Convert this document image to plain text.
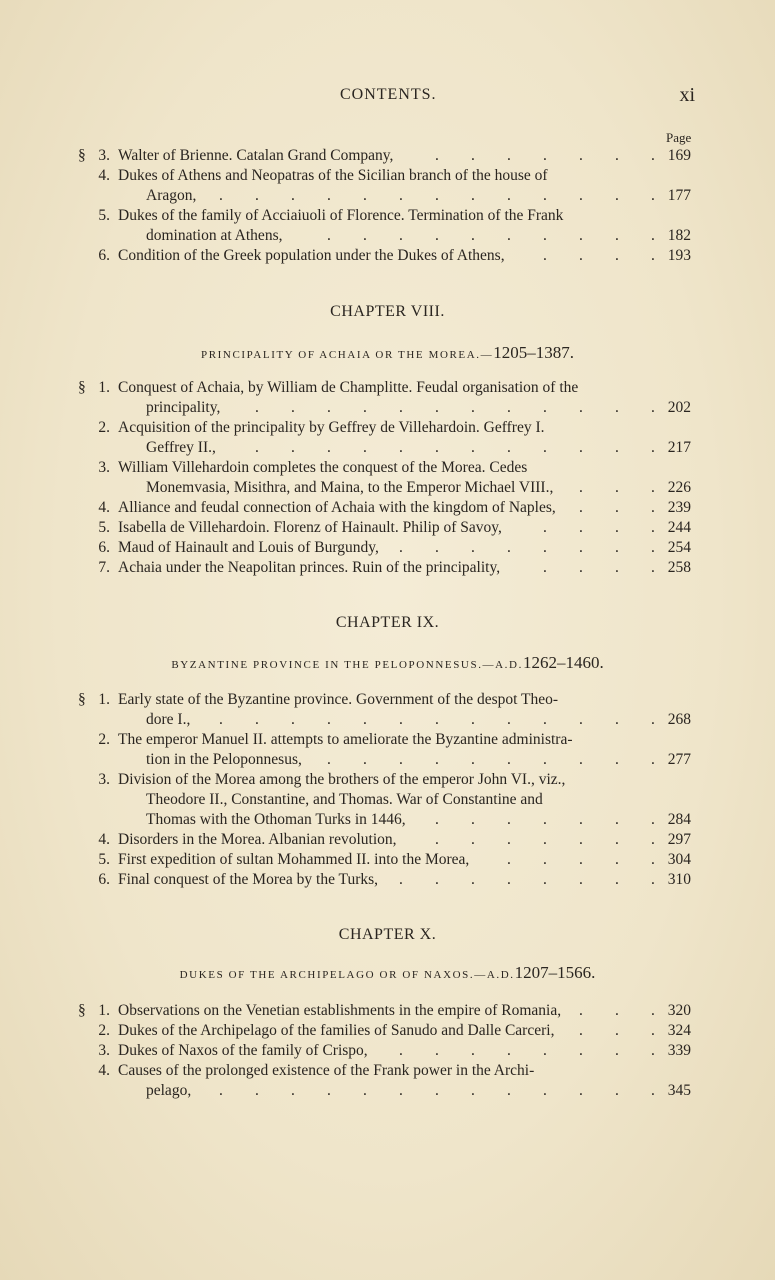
CONTENTS.	xi
Page
§ 3. Walter of Brienne. Catalan Grand Company,	169
. . . . . . .
4. Dukes of Athens and Neopatras of the Sicilian branch of the house of
Aragon,	177
. . . . . . . . . . . . .
5. Dukes of the family of Acciaiuoli of Florence. Termination of the Frank
domination at Athens,	182
. . . . . . . . . .
6. Condition of the Greek population under the Dukes of Athens,	193
. . . .
CHAPTER VIII.
PRINCIPALITY OF ACHAIA OR THE MOREA.—1205–1387.
§ 1. Conquest of Achaia, by William de Champlitte. Feudal organisation of the
principality,	202
. . . . . . . . . . . .
2. Acquisition of the principality by Geffrey de Villehardoin. Geffrey I.
Geffrey II.,	217
. . . . . . . . . . . .
3. William Villehardoin completes the conquest of the Morea. Cedes
Monemvasia, Misithra, and Maina, to the Emperor Michael VIII.,	226
. . .
4. Alliance and feudal connection of Achaia with the kingdom of Naples,	239
. . .
5. Isabella de Villehardoin. Florenz of Hainault. Philip of Savoy,	244
. . . .
6. Maud of Hainault and Louis of Burgundy,	254
. . . . . . . .
7. Achaia under the Neapolitan princes. Ruin of the principality,	258
. . . .
CHAPTER IX.
BYZANTINE PROVINCE IN THE PELOPONNESUS.—A.D.1262–1460.
§ 1. Early state of the Byzantine province. Government of the despot Theo-
dore I.,	268
. . . . . . . . . . . . .
2. The emperor Manuel II. attempts to ameliorate the Byzantine administra-
tion in the Peloponnesus,	277
. . . . . . . . . .
3. Division of the Morea among the brothers of the emperor John VI., viz.,
Theodore II., Constantine, and Thomas. War of Constantine and
Thomas with the Othoman Turks in 1446,	284
. . . . . . .
4. Disorders in the Morea. Albanian revolution,	297
. . . . . . .
5. First expedition of sultan Mohammed II. into the Morea,	304
. . . . .
6. Final conquest of the Morea by the Turks,	310
. . . . . . . .
CHAPTER X.
DUKES OF THE ARCHIPELAGO OR OF NAXOS.—A.D.1207–1566.
§ 1. Observations on the Venetian establishments in the empire of Romania,	320
. . .
2. Dukes of the Archipelago of the families of Sanudo and Dalle Carceri,	324
. . .
3. Dukes of Naxos of the family of Crispo,	339
. . . . . . . .
4. Causes of the prolonged existence of the Frank power in the Archi-
pelago,	345
. . . . . . . . . . . . .
